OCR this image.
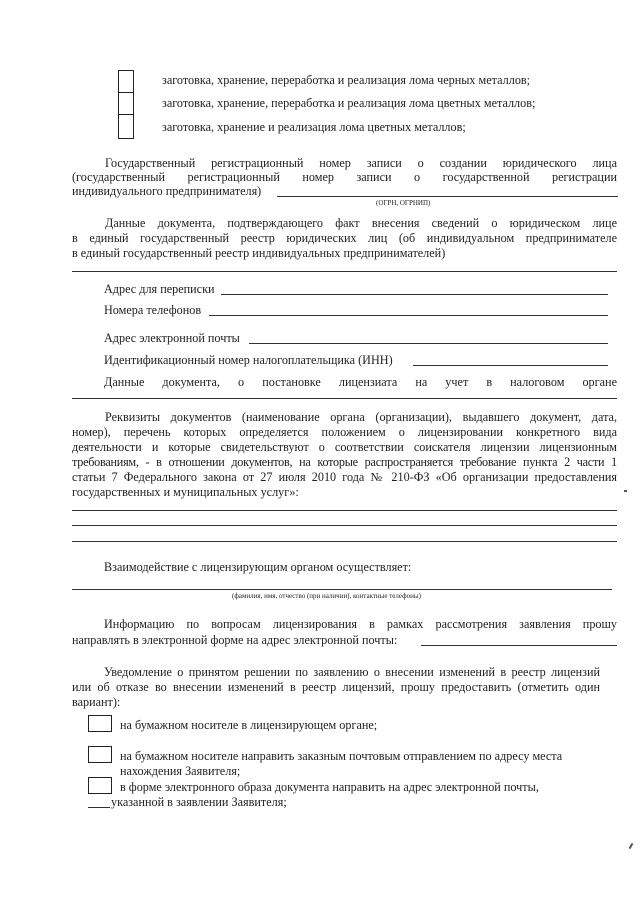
заготовка, хранение, переработка и реализация лома черных металлов;
заготовка, хранение, переработка и реализация лома цветных металлов;
заготовка, хранение и реализация лома цветных металлов;
Государственный регистрационный номер записи о создании юридического лица
(государственный регистрационный номер записи о государственной регистрации
индивидуального предпринимателя)
(ОГРН, ОГРНИП)
Данные документа, подтверждающего факт внесения сведений о юридическом лице
в единый государственный реестр юридических лиц (об индивидуальном предпринимателе
в единый государственный реестр индивидуальных предпринимателей)
Адрес для переписки
Номера телефонов
Адрес электронной почты
Идентификационный номер налогоплательщика (ИНН)
Данные документа, о постановке лицензиата на учет в налоговом органе
Реквизиты документов (наименование органа (организации), выдавшего документ, дата,
номер), перечень которых определяется положением о лицензировании конкретного вида
деятельности и которые свидетельствуют о соответствии соискателя лицензии лицензионным
требованиям, - в отношении документов, на которые распространяется требование пункта 2 части 1
статьи 7 Федерального закона от 27 июля 2010 года № 210-ФЗ «Об организации предоставления
государственных и муниципальных услуг»:
Взаимодействие с лицензирующим органом осуществляет:
(фамилия, имя, отчество (при наличии), контактные телефоны)
Информацию по вопросам лицензирования в рамках рассмотрения заявления прошу
направлять в электронной форме на адрес электронной почты:
Уведомление о принятом решении по заявлению о внесении изменений в реестр лицензий
или об отказе во внесении изменений в реестр лицензий, прошу предоставить (отметить один
вариант):
на бумажном носителе в лицензирующем органе;
на бумажном носителе направить заказным почтовым отправлением по адресу места
нахождения Заявителя;
в форме электронного образа документа направить на адрес электронной почты,
указанной в заявлении Заявителя;
